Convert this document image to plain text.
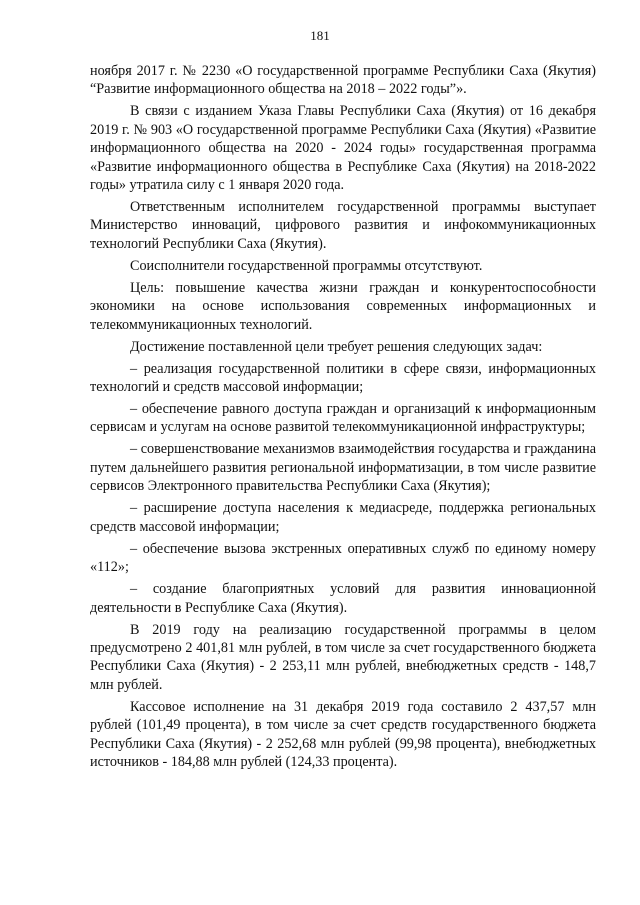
181

ноября 2017 г. № 2230 «О государственной программе Республики Саха (Якутия) “Развитие информационного общества на 2018 – 2022 годы”».

В связи с изданием Указа Главы Республики Саха (Якутия) от 16 декабря 2019 г. № 903 «О государственной программе Республики Саха (Якутия) «Развитие информационного общества на 2020 - 2024 годы» государственная программа «Развитие информационного общества в Республике Саха (Якутия) на 2018-2022 годы» утратила силу с 1 января 2020 года.

Ответственным исполнителем государственной программы выступает Министерство инноваций, цифрового развития и инфокоммуникационных технологий Республики Саха (Якутия).

Соисполнители государственной программы отсутствуют.

Цель: повышение качества жизни граждан и конкурентоспособности экономики на основе использования современных информационных и телекоммуникационных технологий.

Достижение поставленной цели требует решения следующих задач:

– реализация государственной политики в сфере связи, информационных технологий и средств массовой информации;

– обеспечение равного доступа граждан и организаций к информационным сервисам и услугам на основе развитой телекоммуникационной инфраструктуры;

– совершенствование механизмов взаимодействия государства и гражданина путем дальнейшего развития региональной информатизации, в том числе развитие сервисов Электронного правительства Республики Саха (Якутия);

– расширение доступа населения к медиасреде, поддержка региональных средств массовой информации;

– обеспечение вызова экстренных оперативных служб по единому номеру «112»;

– создание благоприятных условий для развития инновационной деятельности в Республике Саха (Якутия).

В 2019 году на реализацию государственной программы в целом предусмотрено 2 401,81 млн рублей, в том числе за счет государственного бюджета Республики Саха (Якутия) - 2 253,11 млн рублей, внебюджетных средств - 148,7 млн рублей.

Кассовое исполнение на 31 декабря 2019 года составило 2 437,57 млн рублей (101,49 процента), в том числе за счет средств государственного бюджета Республики Саха (Якутия) - 2 252,68 млн рублей (99,98 процента), внебюджетных источников - 184,88 млн рублей (124,33 процента).
